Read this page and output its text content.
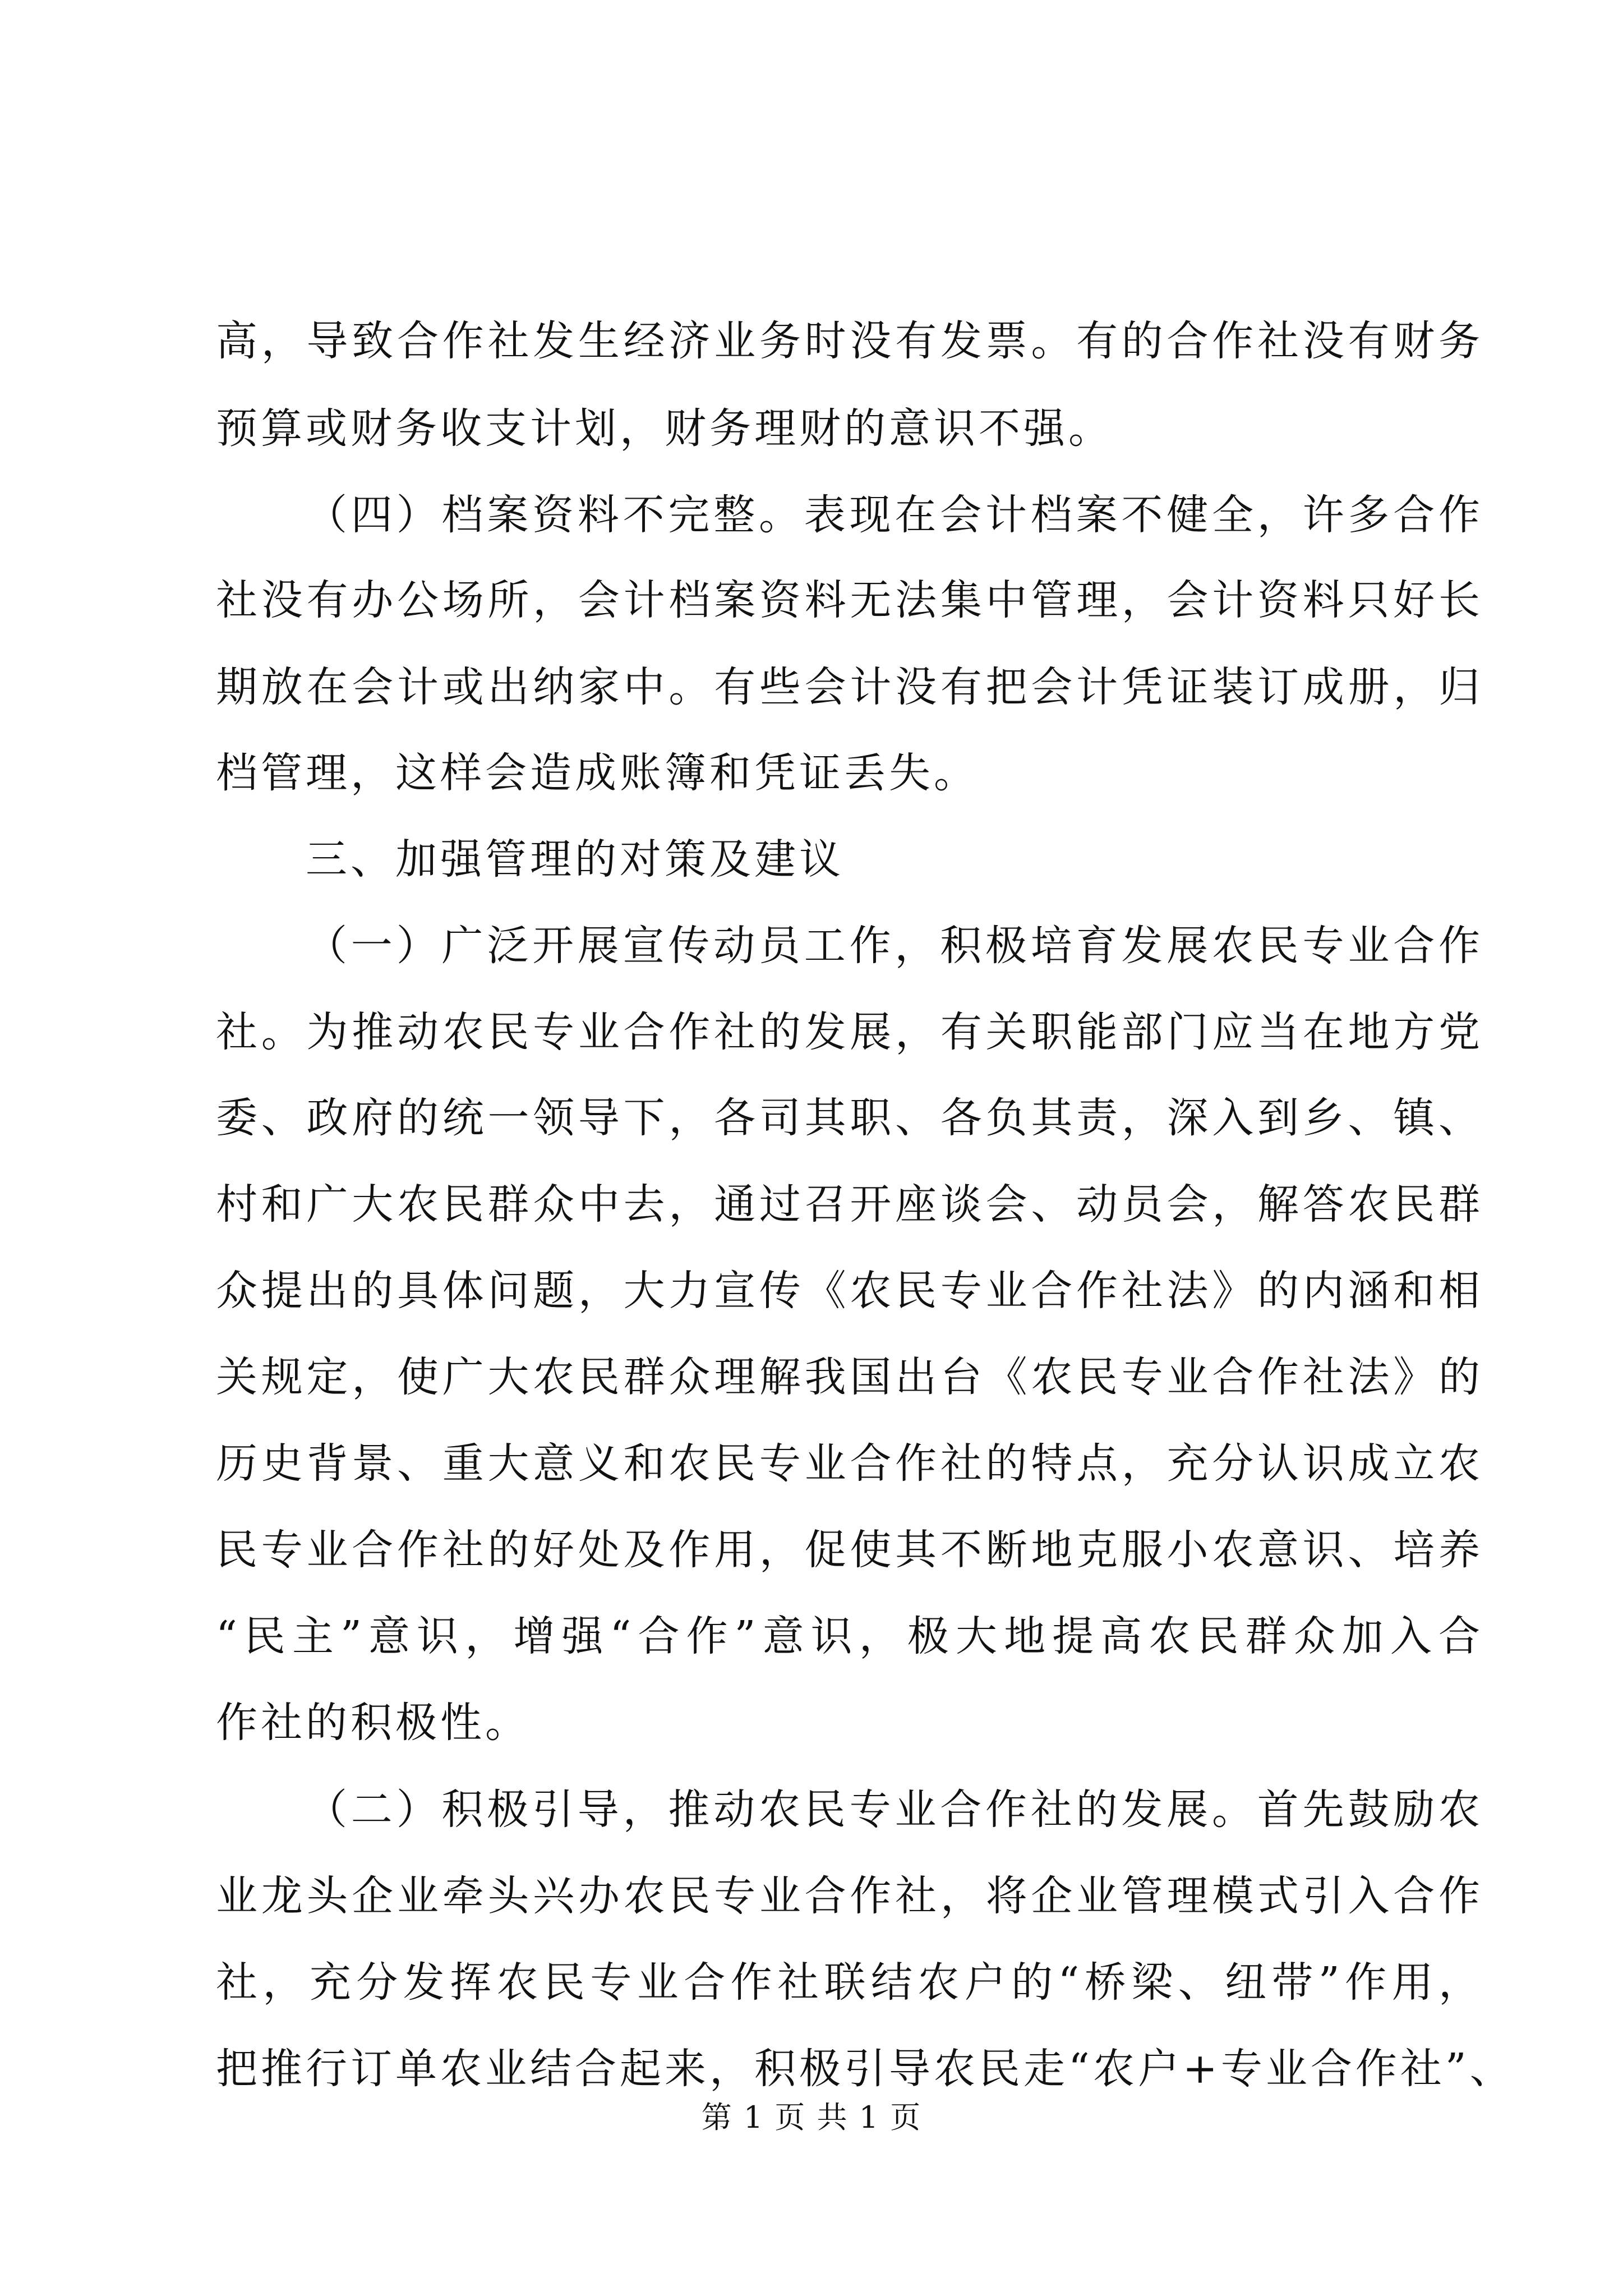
高，导致合作社发生经济业务时没有发票。有的合作社没有财务
预算或财务收支计划，财务理财的意识不强。
（四）档案资料不完整。表现在会计档案不健全，许多合作
社没有办公场所，会计档案资料无法集中管理，会计资料只好长
期放在会计或出纳家中。有些会计没有把会计凭证装订成册，归
档管理，这样会造成账簿和凭证丢失。
三、加强管理的对策及建议
（一）广泛开展宣传动员工作，积极培育发展农民专业合作
社。为推动农民专业合作社的发展，有关职能部门应当在地方党
委、政府的统一领导下，各司其职、各负其责，深入到乡、镇、
村和广大农民群众中去，通过召开座谈会、动员会，解答农民群
众提出的具体问题，大力宣传《农民专业合作社法》的内涵和相
关规定，使广大农民群众理解我国出台《农民专业合作社法》的
历史背景、重大意义和农民专业合作社的特点，充分认识成立农
民专业合作社的好处及作用，促使其不断地克服小农意识、培养
“民主”意识，增强“合作”意识，极大地提高农民群众加入合
作社的积极性。
（二）积极引导，推动农民专业合作社的发展。首先鼓励农
业龙头企业牵头兴办农民专业合作社，将企业管理模式引入合作
社，充分发挥农民专业合作社联结农户的“桥梁、纽带”作用，
把推行订单农业结合起来，积极引导农民走“农户+专业合作社”、
第 1 页 共 1 页
